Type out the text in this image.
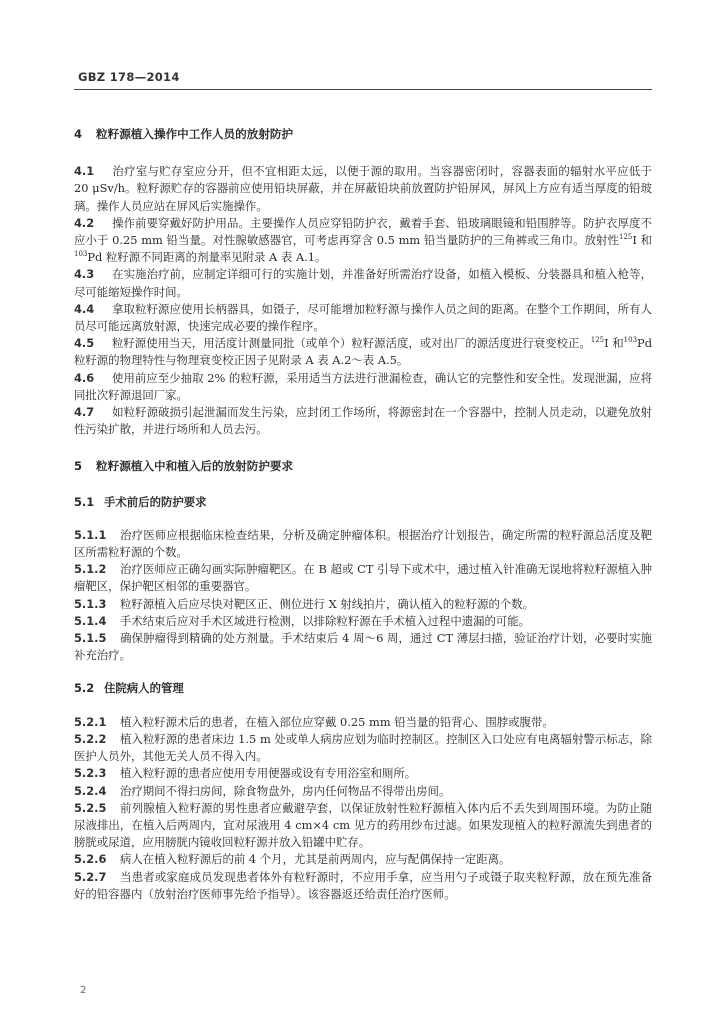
GBZ 178—2014
4 粒籽源植入操作中工作人员的放射防护

4.1 治疗室与贮存室应分开，但不宜相距太远，以便于源的取用。当容器密闭时，容器表面的辐射水平应低于 20 μSv/h。粒籽源贮存的容器前应使用铅块屏蔽，并在屏蔽铅块前放置防护铅屏风，屏风上方应有适当厚度的铅玻璃。操作人员应站在屏风后实施操作。

4.2 操作前要穿戴好防护用品。主要操作人员应穿铅防护衣，戴着手套、铅玻璃眼镜和铅围脖等。防护衣厚度不应小于 0.25 mm 铅当量。对性腺敏感器官，可考虑再穿含 0.5 mm 铅当量防护的三角裤或三角巾。放射性$^{125}$I 和$^{103}$Pd 粒籽源不同距离的剂量率见附录 A 表 A.1。

4.3 在实施治疗前，应制定详细可行的实施计划，并准备好所需治疗设备，如植入模板、分装器具和植入枪等，尽可能缩短操作时间。

4.4 拿取粒籽源应使用长柄器具，如镊子，尽可能增加粒籽源与操作人员之间的距离。在整个工作期间，所有人员尽可能远离放射源，快速完成必要的操作程序。

4.5 粒籽源使用当天，用活度计测量同批（或单个）粒籽源活度，或对出厂的源活度进行衰变校正。$^{125}$I 和$^{103}$Pd 粒籽源的物理特性与物理衰变校正因子见附录 A 表 A.2～表 A.5。

4.6 使用前应至少抽取 2% 的粒籽源，采用适当方法进行泄漏检查，确认它的完整性和安全性。发现泄漏，应将同批次籽源退回厂家。

4.7 如粒籽源破损引起泄漏而发生污染，应封闭工作场所，将源密封在一个容器中，控制人员走动，以避免放射性污染扩散，并进行场所和人员去污。

5 粒籽源植入中和植入后的放射防护要求
5.1 手术前后的防护要求

5.1.1 治疗医师应根据临床检查结果，分析及确定肿瘤体积。根据治疗计划报告，确定所需的粒籽源总活度及靶区所需粒籽源的个数。

5.1.2 治疗医师应正确勾画实际肿瘤靶区。在 B 超或 CT 引导下或术中，通过植入针准确无误地将粒籽源植入肿瘤靶区，保护靶区相邻的重要器官。

5.1.3 粒籽源植入后应尽快对靶区正、侧位进行 X 射线拍片，确认植入的粒籽源的个数。

5.1.4 手术结束后应对手术区域进行检测，以排除粒籽源在手术植入过程中遗漏的可能。

5.1.5 确保肿瘤得到精确的处方剂量。手术结束后 4 周～6 周，通过 CT 薄层扫描，验证治疗计划，必要时实施补充治疗。

5.2 住院病人的管理

5.2.1 植入粒籽源术后的患者，在植入部位应穿戴 0.25 mm 铅当量的铅背心、围脖或腹带。

5.2.2 植入粒籽源的患者床边 1.5 m 处或单人病房应划为临时控制区。控制区入口处应有电离辐射警示标志，除医护人员外，其他无关人员不得入内。

5.2.3 植入粒籽源的患者应使用专用便器或设有专用浴室和厕所。

5.2.4 治疗期间不得扫房间，除食物盘外，房内任何物品不得带出房间。

5.2.5 前列腺植入粒籽源的男性患者应戴避孕套，以保证放射性粒籽源植入体内后不丢失到周围环境。为防止随尿液排出，在植入后两周内，宜对尿液用 4 cm×4 cm 见方的药用纱布过滤。如果发现植入的粒籽源流失到患者的膀胱或尿道，应用膀胱内镜收回粒籽源并放入铅罐中贮存。

5.2.6 病人在植入粒籽源后的前 4 个月，尤其是前两周内，应与配偶保持一定距离。

5.2.7 当患者或家庭成员发现患者体外有粒籽源时，不应用手拿，应当用勺子或镊子取夹粒籽源，放在预先准备好的铅容器内（放射治疗医师事先给予指导）。该容器返还给责任治疗医师。

2
